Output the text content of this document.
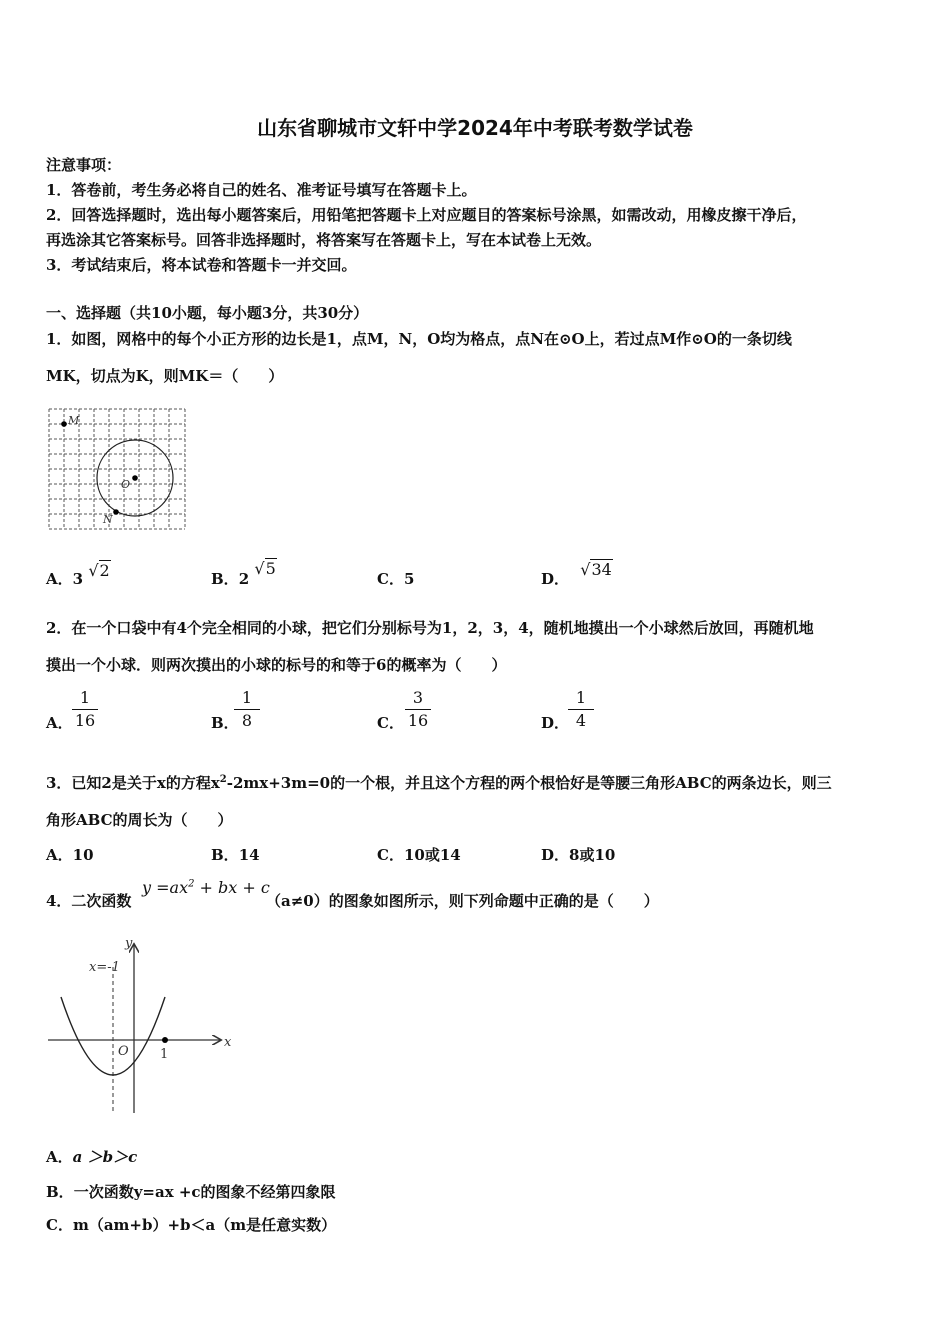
山东省聊城市文轩中学2024年中考联考数学试卷
注意事项：
1．答卷前，考生务必将自己的姓名、准考证号填写在答题卡上。
2．回答选择题时，选出每小题答案后，用铅笔把答题卡上对应题目的答案标号涂黑，如需改动，用橡皮擦干净后，
再选涂其它答案标号。回答非选择题时，将答案写在答题卡上，写在本试卷上无效。
3．考试结束后，将本试卷和答题卡一并交回。
一、选择题（共10小题，每小题3分，共30分）
1．如图，网格中的每个小正方形的边长是1，点M，N，O均为格点，点N在⊙O上，若过点M作⊙O的一条切线
MK，切点为K，则MK＝（　　）
M
O
N
A．3 √2	B．2 √5
C．5	D． √34
2．在一个口袋中有4个完全相同的小球，把它们分别标号为1，2，3，4，随机地摸出一个小球然后放回，再随机地
摸出一个小球．则两次摸出的小球的标号的和等于6的概率为（　　）
A．
1
16	B．
1
8	C．
3
16	D．
1
4
3．已知2是关于x的方程$x^2-2mx+3m=0$的一个根，并且这个方程的两个根恰好是等腰三角形ABC的两条边长，则三
角形ABC的周长为（　　）
A．10	B．14	C．10或14	D．8或10
4．二次函数
$y =ax^2$ + bx + c
（a≠0）的图象如图所示，则下列命题中正确的是（　　）
y
x
x=-1
O 1
A．a ＞b＞c
B．一次函数y=ax +c的图象不经第四象限
C．m（am+b）+b＜a（m是任意实数）
